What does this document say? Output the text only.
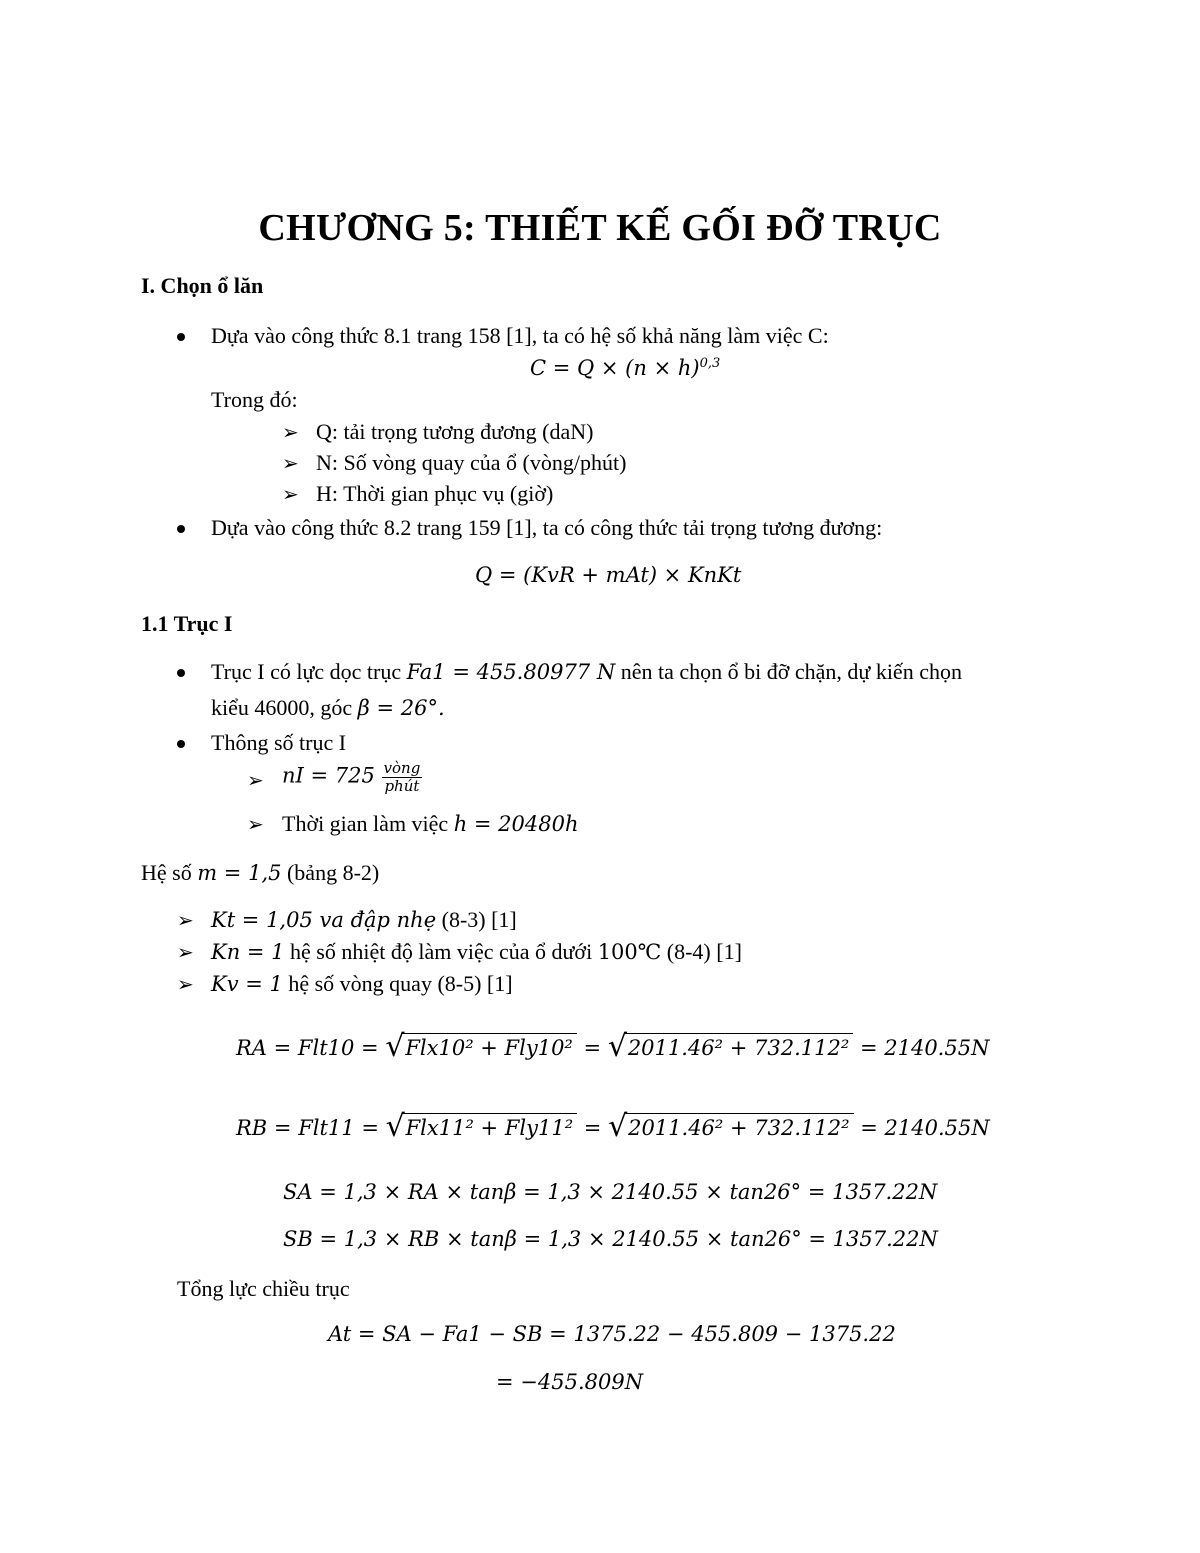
CHƯƠNG 5: THIẾT KẾ GỐI ĐỠ TRỤC
I. Chọn ổ lăn
Dựa vào công thức 8.1 trang 158 [1], ta có hệ số khả năng làm việc C:
$C = Q \times (n \times h)^{0,3}$
Trong đó:
➢ Q: tải trọng tương đương (daN)
➢ N: Số vòng quay của ổ (vòng/phút)
➢ H: Thời gian phục vụ (giờ)
Dựa vào công thức 8.2 trang 159 [1], ta có công thức tải trọng tương đương:
Q = (KvR + mAt) × KnKt
1.1 Trục I
Trục I có lực dọc trục Fa1 = 455.80977 N nên ta chọn ổ bi đỡ chặn, dự kiến chọn
kiểu 46000, góc β = 26°.
Thông số trục I
➢ nI = $725 \frac{\text{vòng}}{\text{phút}}$
➢ Thời gian làm việc h = 20480h
Hệ số m = 1,5 (bảng 8-2)
➢ Kt = 1,05 va đập nhẹ (8-3) [1]
➢ Kn = 1 hệ số nhiệt độ làm việc của ổ dưới 100℃ (8-4) [1]
➢ Kv = 1 hệ số vòng quay (8-5) [1]
RA = Flt10 = √ Flx10² + Fly10² = √ 2011.46² + 732.112² = 2140.55N
RB = Flt11 = √ Flx11² + Fly11² = √ 2011.46² + 732.112² = 2140.55N
SA = 1,3 × RA × tanβ = 1,3 × 2140.55 × tan26° = 1357.22N
SB = 1,3 × RB × tanβ = 1,3 × 2140.55 × tan26° = 1357.22N
Tổng lực chiều trục
At = SA − Fa1 − SB = 1375.22 − 455.809 − 1375.22
= −455.809N
